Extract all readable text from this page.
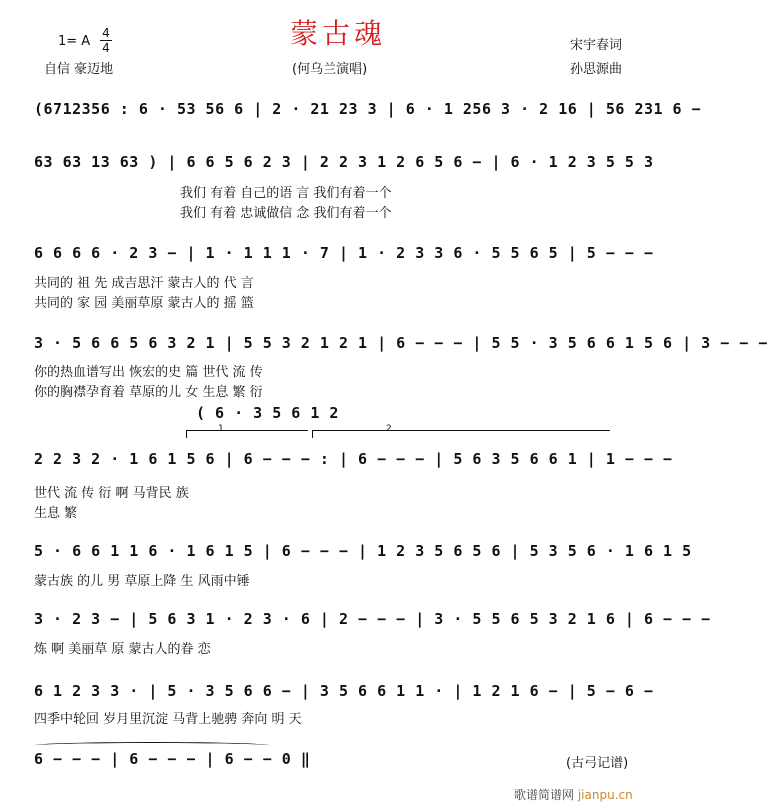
蒙古魂
1= A
4
4
自信 豪迈地	(何乌兰演唱)
宋宇春词
孙思源曲
(6712356 : 6 · 53 56 6 | 2 · 21 23 3 | 6 · 1 256 3 · 2 16 | 56 231 6 −
63 63 13 63 ) | 6 6 5 6 2 3 | 2 2 3 1 2 6 5 6 − | 6 · 1 2 3 5 5 3
我们 有着 自己的语 言 我们有着一个
我们 有着 忠诚做信 念 我们有着一个
6 6 6 6 · 2 3 − | 1 · 1 1 1 · 7 | 1 · 2 3 3 6 · 5 5 6 5 | 5 − − −
共同的 祖 先 成吉思汗 蒙古人的 代 言
共同的 家 园 美丽草原 蒙古人的 摇 篮
3 · 5 6 6 5 6 3 2 1 | 5 5 3 2 1 2 1 | 6 − − − | 5 5 · 3 5 6 6 1 5 6 | 3 − − −
你的热血谱写出 恢宏的史 篇 世代 流 传
你的胸襟孕育着 草原的儿 女 生息 繁 衍
( 6 · 3 5 6 1 2
1	2
2 2 3 2 · 1 6 1 5 6 | 6 − − − : | 6 − − − | 5 6 3 5 6 6 1 | 1 − − −
世代 流 传 衍 啊 马背民 族
生息 繁
5 · 6 6 1 1 6 · 1 6 1 5 | 6 − − − | 1 2 3 5 6 5 6 | 5 3 5 6 · 1 6 1 5
蒙古族 的儿 男 草原上降 生 风雨中锤
3 · 2 3 − | 5 6 3 1 · 2 3 · 6 | 2 − − − | 3 · 5 5 6 5 3 2 1 6 | 6 − − −
炼 啊 美丽草 原 蒙古人的眷 恋
6 1 2 3 3 · | 5 · 3 5 6 6 − | 3 5 6 6 1 1 · | 1 2 1 6 − | 5 − 6 −
四季中轮回 岁月里沉淀 马背上驰骋 奔向 明 天
6 − − − | 6 − − − | 6 − − 0 ‖	(古弓记谱)
歌谱简谱网 jianpu.cn
